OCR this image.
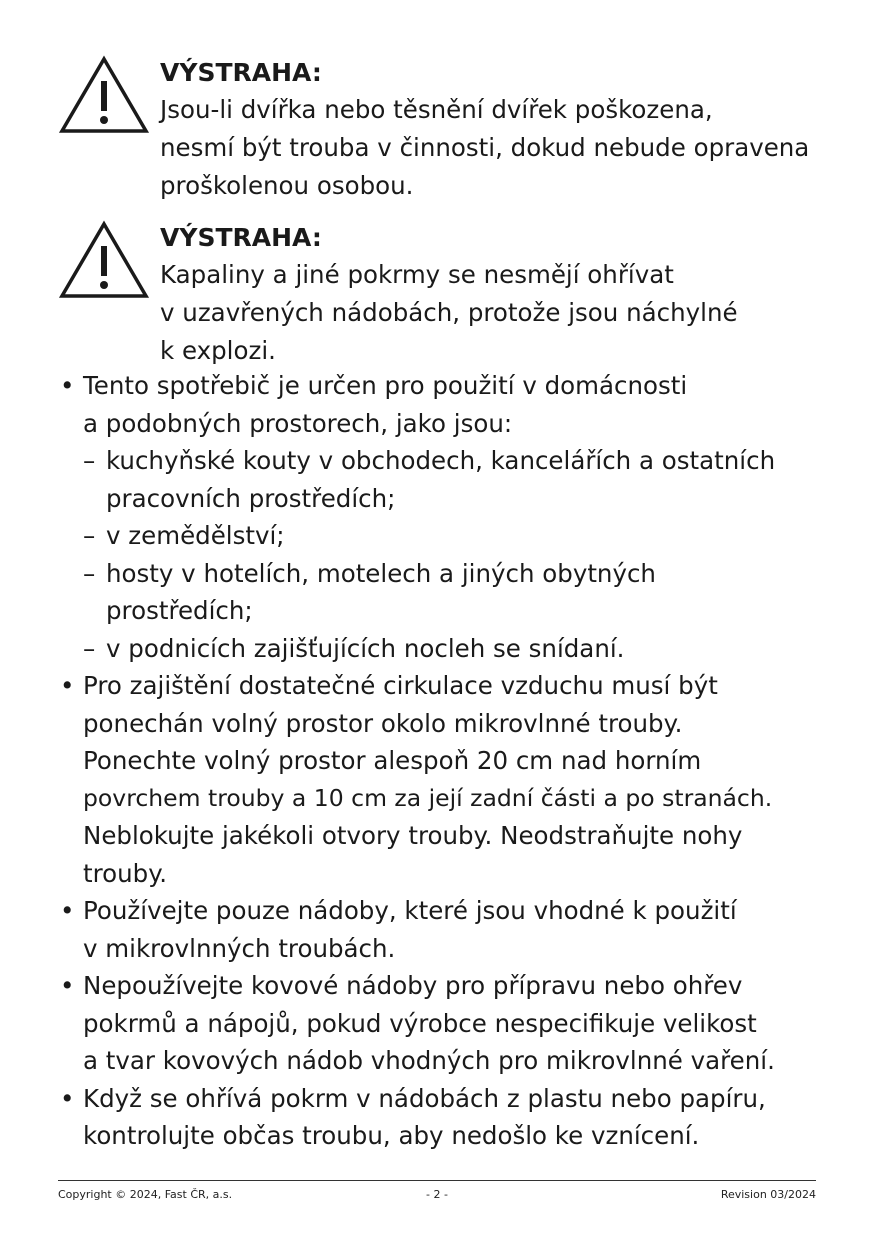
VÝSTRAHA:
Jsou-li dvířka nebo těsnění dvířek poškozena,
nesmí být trouba v činnosti, dokud nebude opravena
proškolenou osobou.
VÝSTRAHA:
Kapaliny a jiné pokrmy se nesmějí ohřívat
v uzavřených nádobách, protože jsou náchylné
k explozi.
• Tento spotřebič je určen pro použití v domácnosti
a podobných prostorech, jako jsou:
– kuchyňské kouty v obchodech, kancelářích a ostatních
pracovních prostředích;
– v zemědělství;
– hosty v hotelích, motelech a jiných obytných
prostředích;
– v podnicích zajišťujících nocleh se snídaní.
• Pro zajištění dostatečné cirkulace vzduchu musí být
ponechán volný prostor okolo mikrovlnné trouby.
Ponechte volný prostor alespoň 20 cm nad horním
povrchem trouby a 10 cm za její zadní části a po stranách.
Neblokujte jakékoli otvory trouby. Neodstraňujte nohy
trouby.
• Používejte pouze nádoby, které jsou vhodné k použití
v mikrovlnných troubách.
• Nepoužívejte kovové nádoby pro přípravu nebo ohřev
pokrmů a nápojů, pokud výrobce nespecifikuje velikost
a tvar kovových nádob vhodných pro mikrovlnné vaření.
• Když se ohřívá pokrm v nádobách z plastu nebo papíru,
kontrolujte občas troubu, aby nedošlo ke vznícení.
Copyright © 2024, Fast ČR, a.s.	- 2 -	Revision 03/2024
